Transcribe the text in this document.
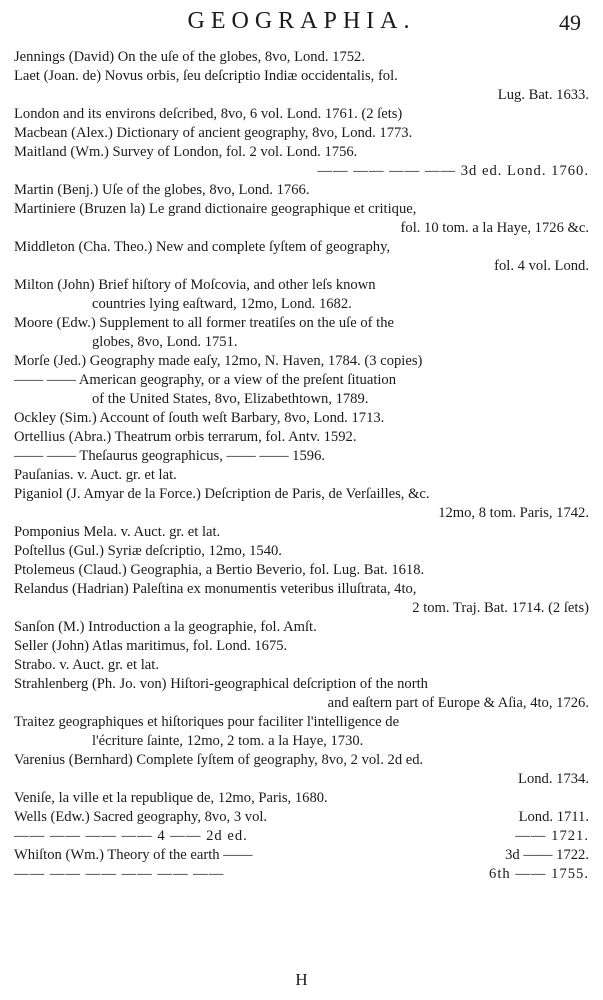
GEOGRAPHIA.	49
Jennings (David) On the uſe of the globes, 8vo, Lond. 1752.
Laet (Joan. de) Novus orbis, ſeu deſcriptio Indiæ occidentalis, fol.
Lug. Bat. 1633.
London and its environs deſcribed, 8vo, 6 vol. Lond. 1761. (2 ſets)
Macbean (Alex.) Dictionary of ancient geography, 8vo, Lond. 1773.
Maitland (Wm.) Survey of London, fol. 2 vol. Lond. 1756.
—— —— —— —— 3d ed. Lond. 1760.
Martin (Benj.) Uſe of the globes, 8vo, Lond. 1766.
Martiniere (Bruzen la) Le grand dictionaire geographique et critique,
fol. 10 tom. a la Haye, 1726 &c.
Middleton (Cha. Theo.) New and complete ſyſtem of geography,
fol. 4 vol. Lond.
Milton (John) Brief hiſtory of Moſcovia, and other leſs known
countries lying eaſtward, 12mo, Lond. 1682.
Moore (Edw.) Supplement to all former treatiſes on the uſe of the
globes, 8vo, Lond. 1751.
Morſe (Jed.) Geography made eaſy, 12mo, N. Haven, 1784. (3 copies)
—— —— American geography, or a view of the preſent ſituation
of the United States, 8vo, Elizabethtown, 1789.
Ockley (Sim.) Account of ſouth weſt Barbary, 8vo, Lond. 1713.
Ortellius (Abra.) Theatrum orbis terrarum, fol. Antv. 1592.
—— —— Theſaurus geographicus, —— —— 1596.
Pauſanias. v. Auct. gr. et lat.
Piganiol (J. Amyar de la Force.) Deſcription de Paris, de Verſailles, &c.
12mo, 8 tom. Paris, 1742.
Pomponius Mela. v. Auct. gr. et lat.
Poſtellus (Gul.) Syriæ deſcriptio, 12mo, 1540.
Ptolemeus (Claud.) Geographia, a Bertio Beverio, fol. Lug. Bat. 1618.
Relandus (Hadrian) Paleſtina ex monumentis veteribus illuſtrata, 4to,
2 tom. Traj. Bat. 1714. (2 ſets)
Sanſon (M.) Introduction a la geographie, fol. Amſt.
Seller (John) Atlas maritimus, fol. Lond. 1675.
Strabo. v. Auct. gr. et lat.
Strahlenberg (Ph. Jo. von) Hiſtori-geographical deſcription of the north
and eaſtern part of Europe & Aſia, 4to, 1726.
Traitez geographiques et hiſtoriques pour faciliter l'intelligence de
l'écriture ſainte, 12mo, 2 tom. a la Haye, 1730.
Varenius (Bernhard) Complete ſyſtem of geography, 8vo, 2 vol. 2d ed.
Lond. 1734.
Veniſe, la ville et la republique de, 12mo, Paris, 1680.
Wells (Edw.) Sacred geography, 8vo, 3 vol.	Lond. 1711.
—— —— —— —— 4 —— 2d ed.	—— 1721.
Whiſton (Wm.) Theory of the earth ——	3d —— 1722.
—— —— —— —— —— ——	6th —— 1755.
H
